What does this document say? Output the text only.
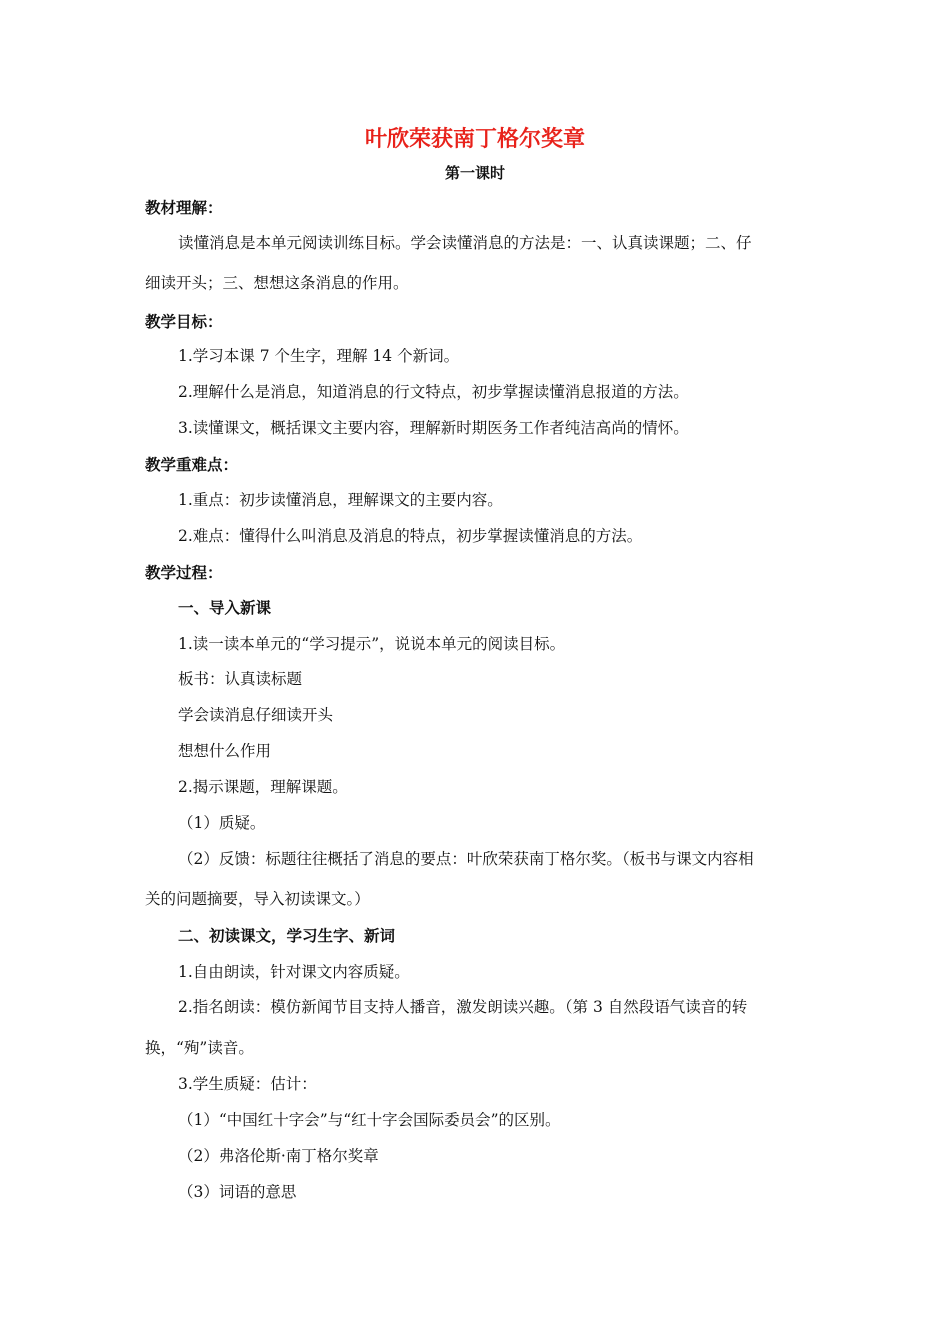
叶欣荣获南丁格尔奖章
第一课时
教材理解：
读懂消息是本单元阅读训练目标。学会读懂消息的方法是：一、认真读课题；二、仔
细读开头；三、想想这条消息的作用。
教学目标：
1.学习本课 7 个生字，理解 14 个新词。
2.理解什么是消息，知道消息的行文特点，初步掌握读懂消息报道的方法。
3.读懂课文，概括课文主要内容，理解新时期医务工作者纯洁高尚的情怀。
教学重难点：
1.重点：初步读懂消息，理解课文的主要内容。
2.难点：懂得什么叫消息及消息的特点，初步掌握读懂消息的方法。
教学过程：
一、导入新课
1.读一读本单元的“学习提示”，说说本单元的阅读目标。
板书：认真读标题
学会读消息仔细读开头
想想什么作用
2.揭示课题，理解课题。
（1）质疑。
（2）反馈：标题往往概括了消息的要点：叶欣荣获南丁格尔奖。（板书与课文内容相
关的问题摘要，导入初读课文。）
二、初读课文，学习生字、新词
1.自由朗读，针对课文内容质疑。
2.指名朗读：模仿新闻节目支持人播音，激发朗读兴趣。（第 3 自然段语气读音的转
换，“殉”读音。
3.学生质疑：估计：
（1）“中国红十字会”与“红十字会国际委员会”的区别。
（2）弗洛伦斯·南丁格尔奖章
（3）词语的意思
